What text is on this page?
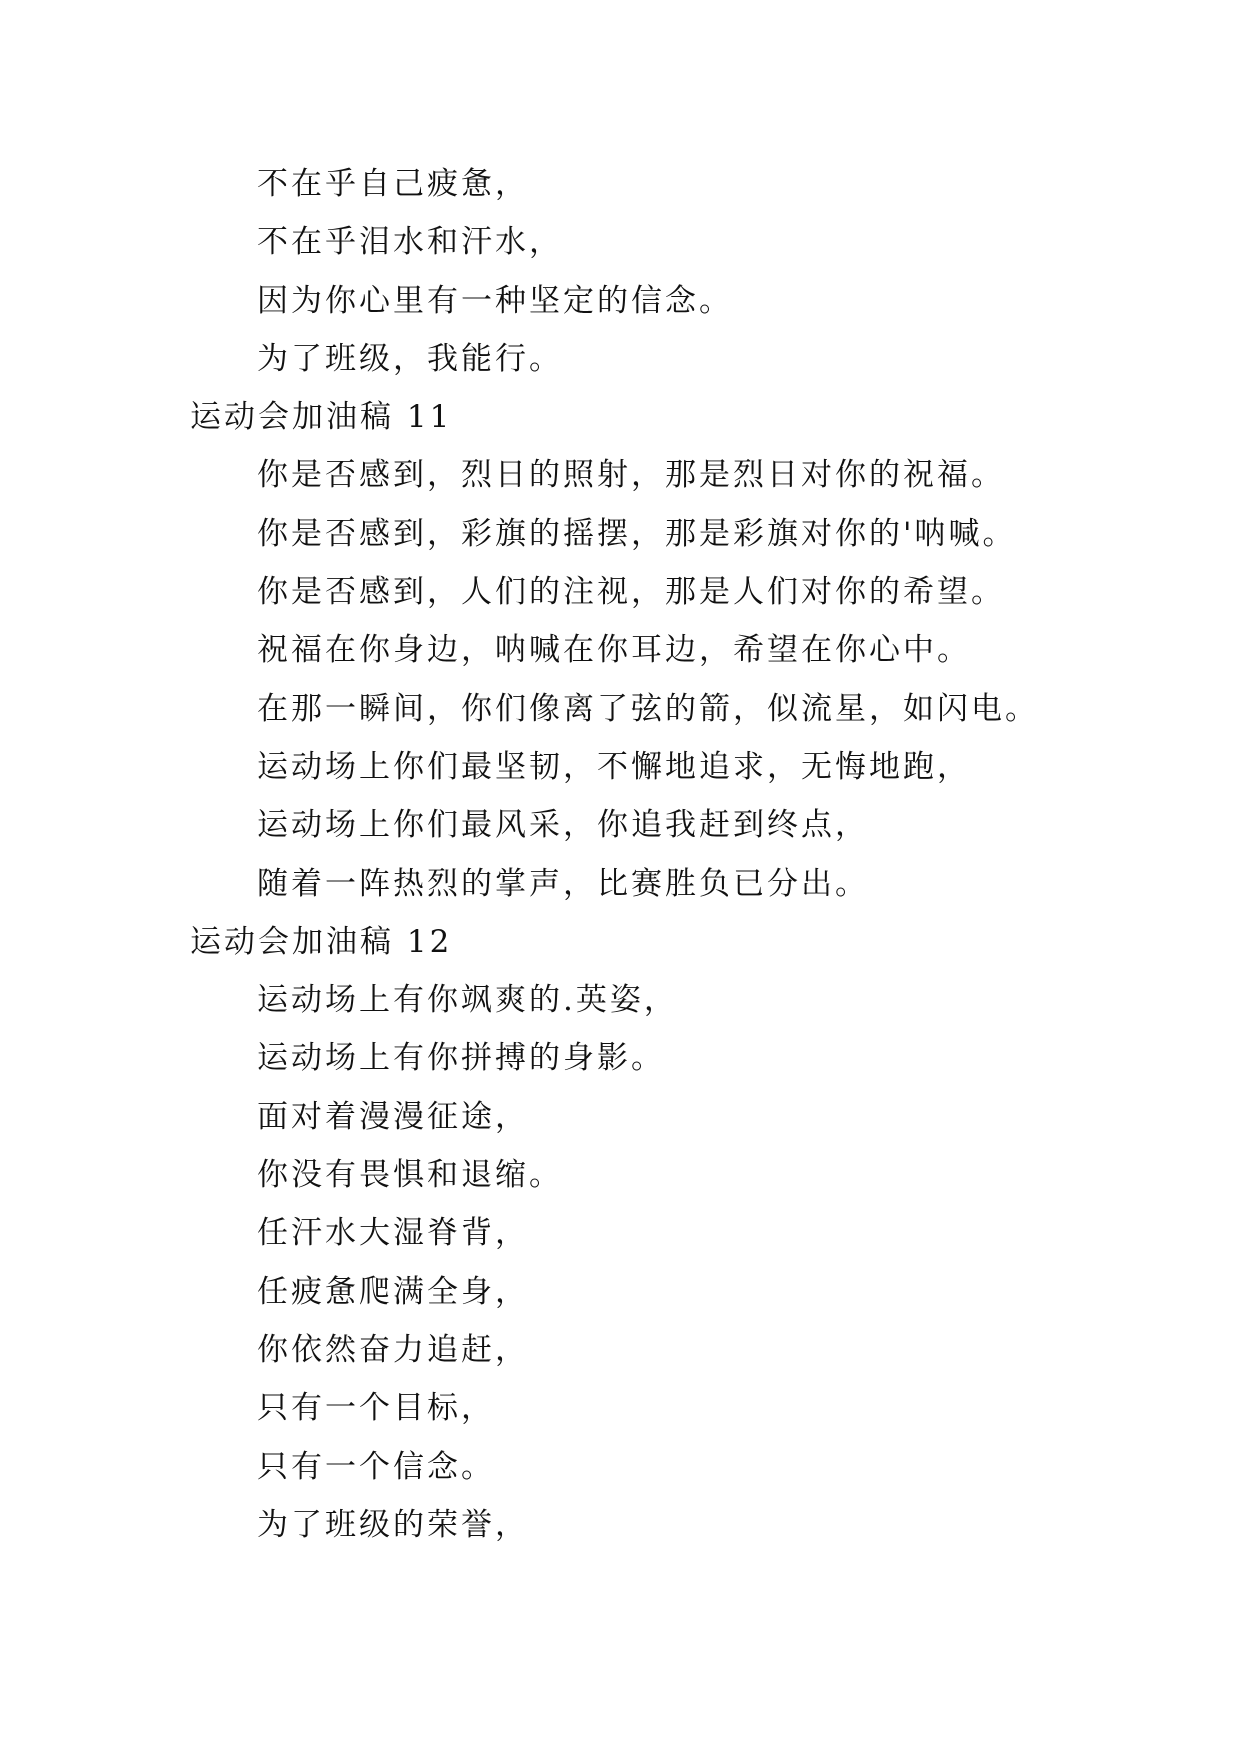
不在乎自己疲惫，
不在乎泪水和汗水，
因为你心里有一种坚定的信念。
为了班级，我能行。
运动会加油稿 11
你是否感到，烈日的照射，那是烈日对你的祝福。
你是否感到，彩旗的摇摆，那是彩旗对你的'呐喊。
你是否感到，人们的注视，那是人们对你的希望。
祝福在你身边，呐喊在你耳边，希望在你心中。
在那一瞬间，你们像离了弦的箭，似流星，如闪电。
运动场上你们最坚韧，不懈地追求，无悔地跑，
运动场上你们最风采，你追我赶到终点，
随着一阵热烈的掌声，比赛胜负已分出。
运动会加油稿 12
运动场上有你飒爽的.英姿，
运动场上有你拼搏的身影。
面对着漫漫征途，
你没有畏惧和退缩。
任汗水大湿脊背，
任疲惫爬满全身，
你依然奋力追赶，
只有一个目标，
只有一个信念。
为了班级的荣誉，
